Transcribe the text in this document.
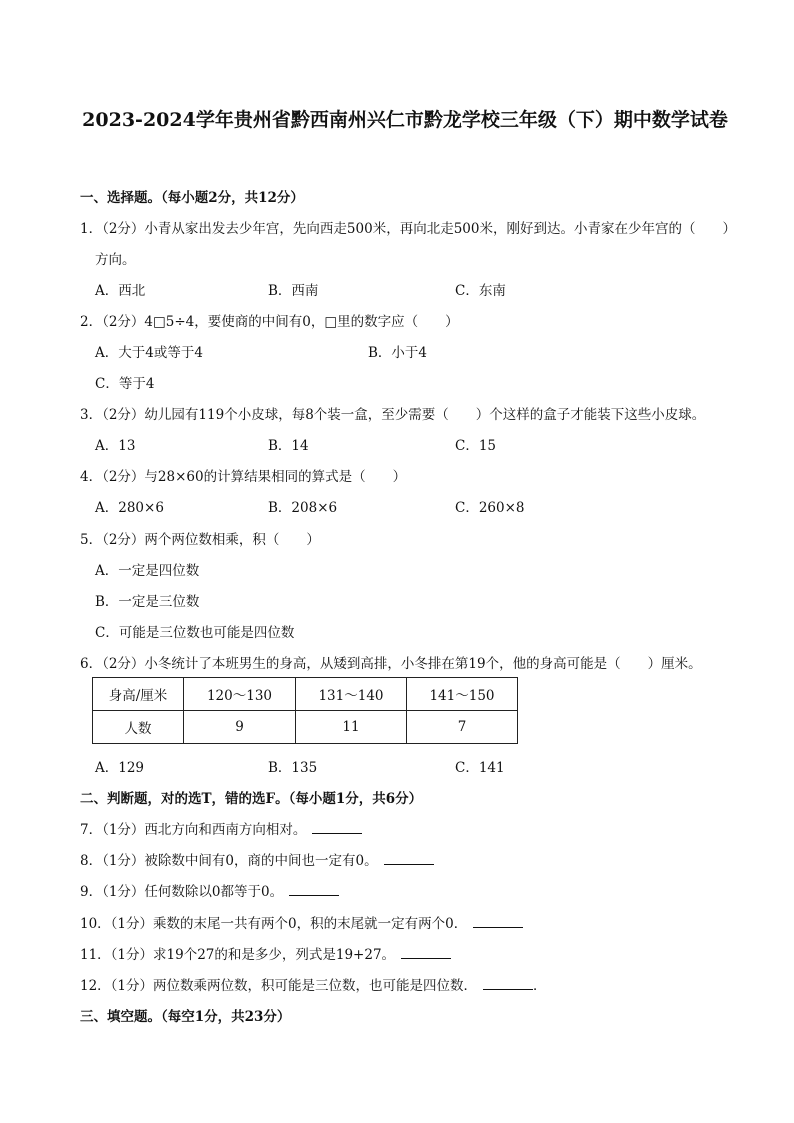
2023-2024学年贵州省黔西南州兴仁市黔龙学校三年级（下）期中数学试卷
一、选择题。（每小题2分，共12分）
1．（2分）小青从家出发去少年宫，先向西走500米，再向北走500米，刚好到达。小青家在少年宫的（　　）
方向。
A．西北	B．西南	C．东南
2．（2分）4□5÷4，要使商的中间有0，□里的数字应（　　）
A．大于4或等于4	B．小于4
C．等于4
3．（2分）幼儿园有119个小皮球，每8个装一盒，至少需要（　　）个这样的盒子才能装下这些小皮球。
A．13	B．14	C．15
4．（2分）与28×60的计算结果相同的算式是（　　）
A．280×6	B．208×6	C．260×8
5．（2分）两个两位数相乘，积（　　）
A．一定是四位数
B．一定是三位数
C．可能是三位数也可能是四位数
6．（2分）小冬统计了本班男生的身高，从矮到高排，小冬排在第19个，他的身高可能是（　　）厘米。
身高/厘米	120～130	131～140	141～150
人数	9	11	7
A．129	B．135	C．141
二、判断题，对的选T，错的选F。（每小题1分，共6分）
7．（1分）西北方向和西南方向相对。
8．（1分）被除数中间有0，商的中间也一定有0。
9．（1分）任何数除以0都等于0。
10．（1分）乘数的末尾一共有两个0，积的末尾就一定有两个0．
11．（1分）求19个27的和是多少，列式是19+27。
12．（1分）两位数乘两位数，积可能是三位数，也可能是四位数．	．
三、填空题。（每空1分，共23分）
